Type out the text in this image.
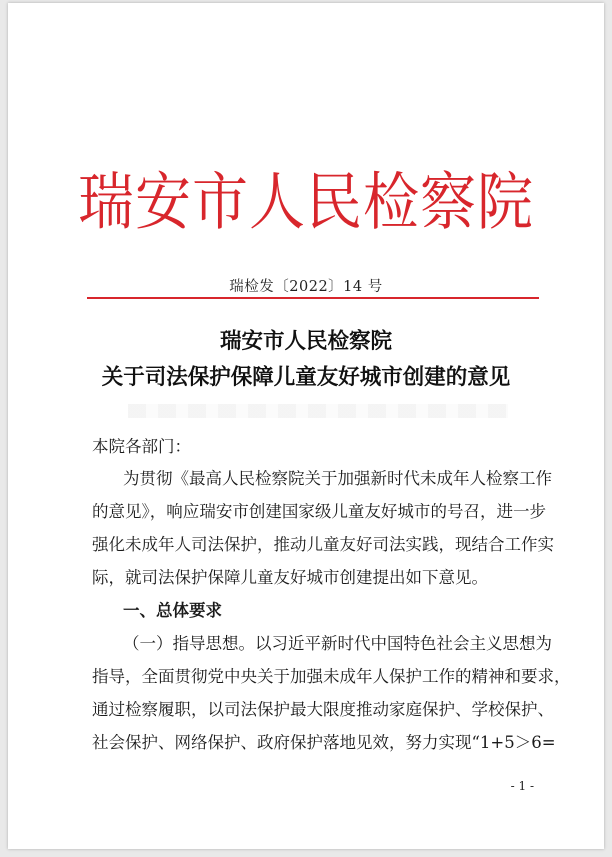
瑞安市人民检察院
瑞检发〔2022〕14 号
瑞安市人民检察院
关于司法保护保障儿童友好城市创建的意见
本院各部门：
为贯彻《最高人民检察院关于加强新时代未成年人检察工作
的意见》，响应瑞安市创建国家级儿童友好城市的号召，进一步
强化未成年人司法保护，推动儿童友好司法实践，现结合工作实
际，就司法保护保障儿童友好城市创建提出如下意见。
一、总体要求
（一）指导思想。以习近平新时代中国特色社会主义思想为
指导，全面贯彻党中央关于加强未成年人保护工作的精神和要求，
通过检察履职，以司法保护最大限度推动家庭保护、学校保护、
社会保护、网络保护、政府保护落地见效，努力实现“1+5＞6=
- 1 -
